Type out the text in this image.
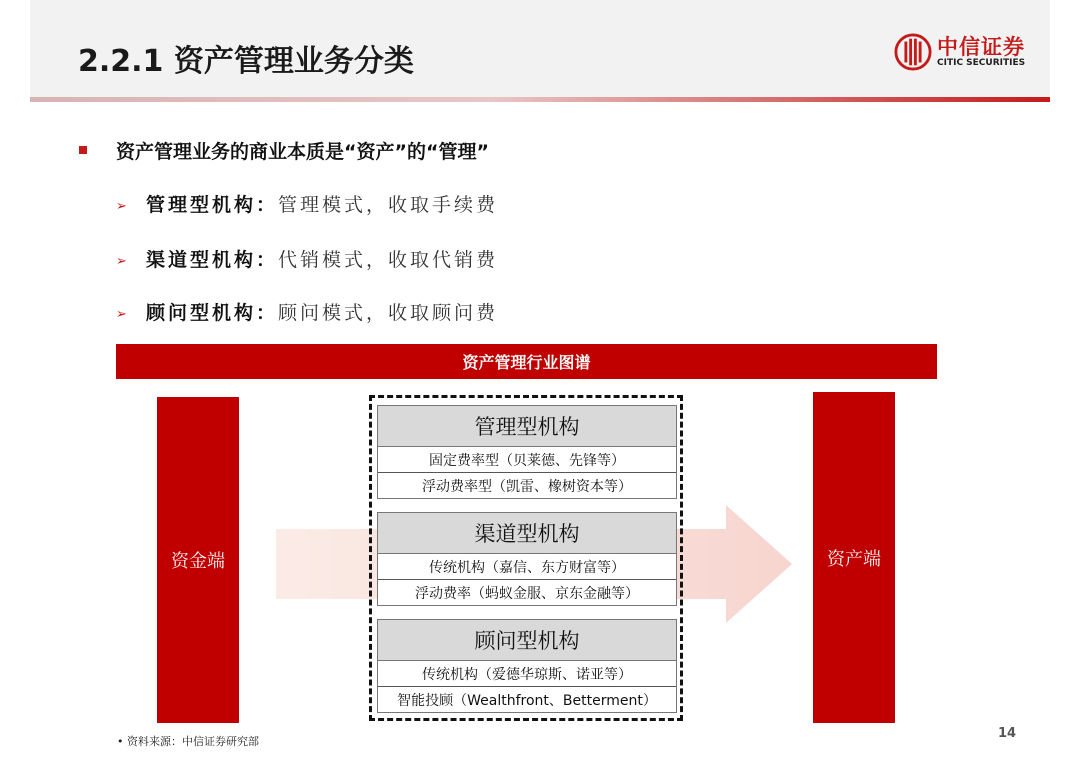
2.2.1 资产管理业务分类	中信证券
CITIC SECURITIES
资产管理业务的商业本质是“资产”的“管理”
➢ 管理型机构：管理模式，收取手续费
➢ 渠道型机构：代销模式，收取代销费
➢ 顾问型机构：顾问模式，收取顾问费
资产管理行业图谱
资金端	资产端
管理型机构
固定费率型（贝莱德、先锋等）
浮动费率型（凯雷、橡树资本等）
渠道型机构
传统机构（嘉信、东方财富等）
浮动费率（蚂蚁金服、京东金融等）
顾问型机构
传统机构（爱德华琼斯、诺亚等）
智能投顾（Wealthfront、Betterment）
• 资料来源：中信证券研究部
14
